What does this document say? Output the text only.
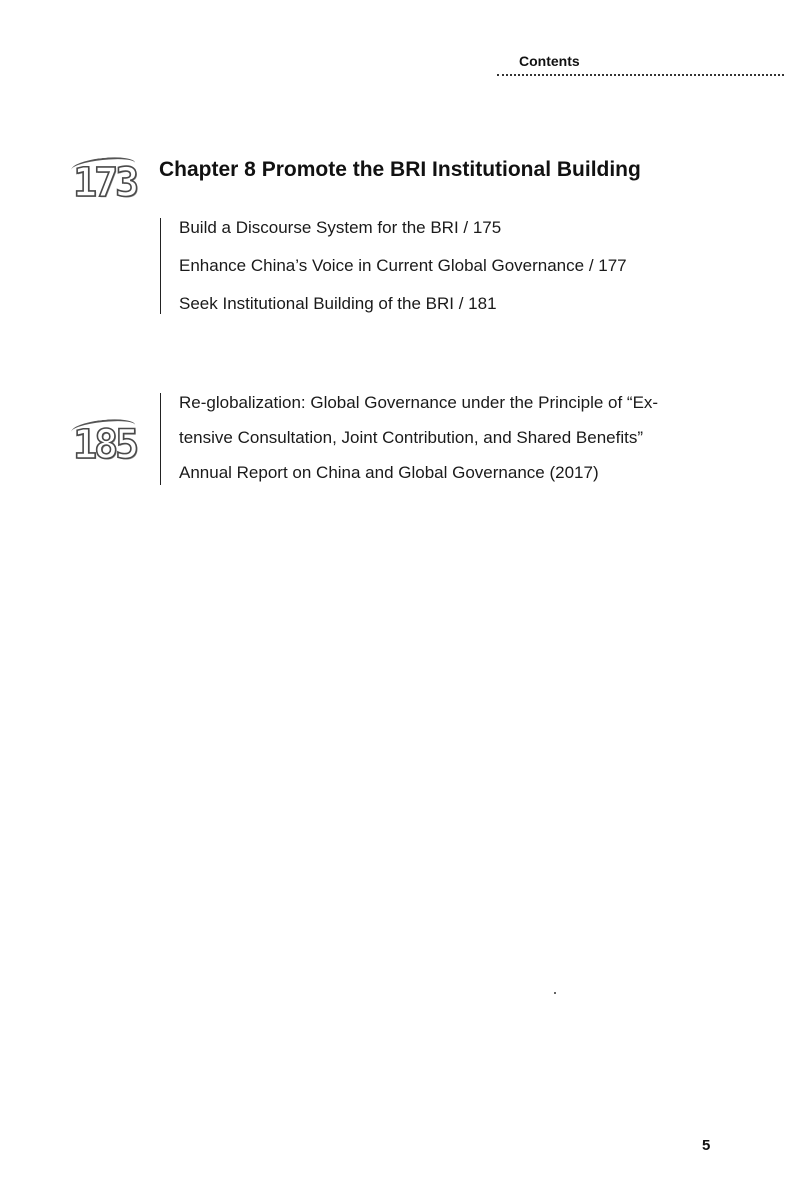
Contents
173 Chapter 8 Promote the BRI Institutional Building
Build a Discourse System for the BRI / 175
Enhance China’s Voice in Current Global Governance / 177
Seek Institutional Building of the BRI / 181
185
Re-globalization: Global Governance under the Principle of “Ex-
tensive Consultation, Joint Contribution, and Shared Benefits”
Annual Report on China and Global Governance (2017)
5
